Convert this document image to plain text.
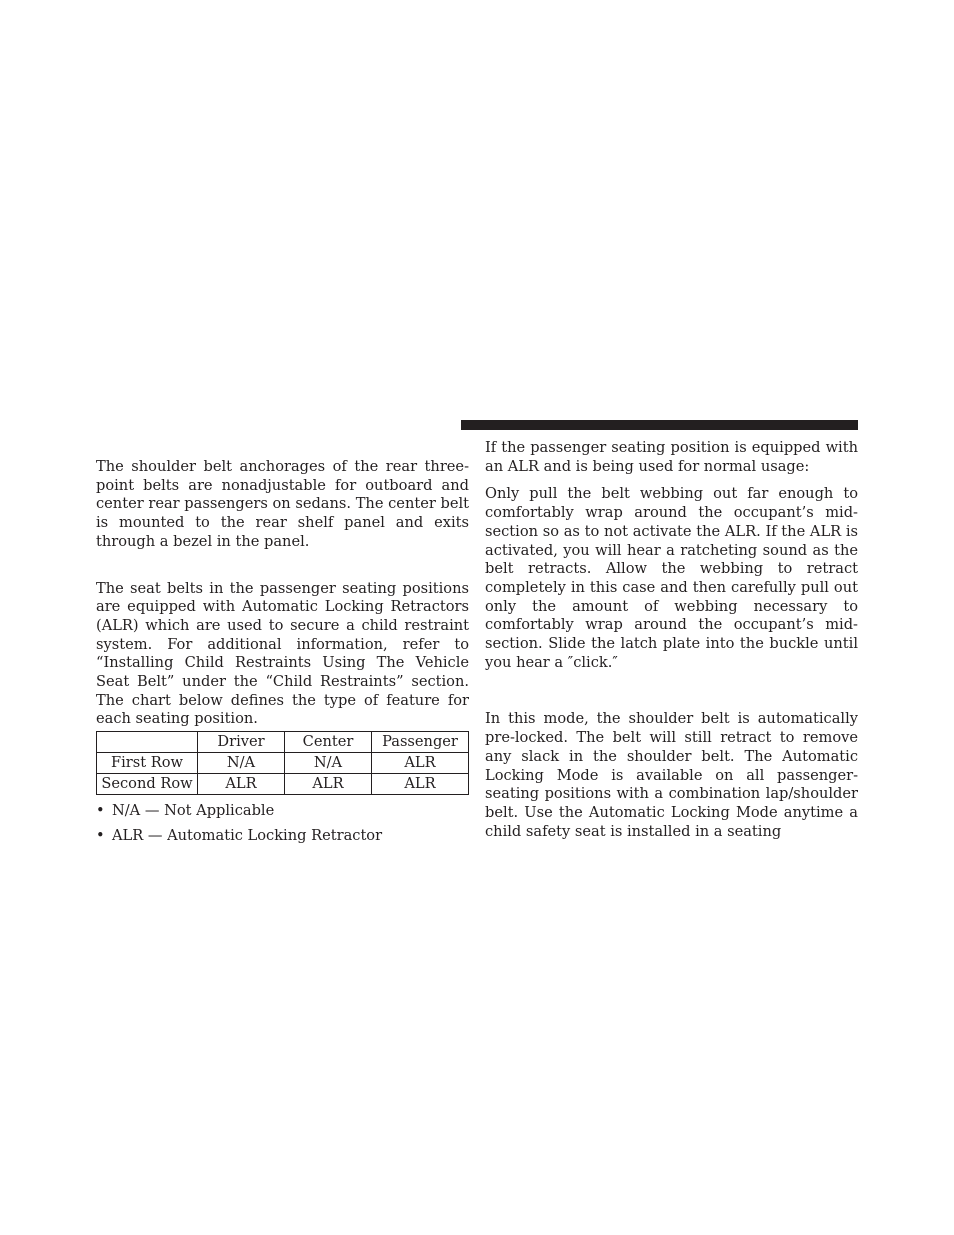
The shoulder belt anchorages of the rear three-point belts are nonadjustable for outboard and center rear passengers on sedans. The center belt is mounted to the rear shelf panel and exits through a bezel in the panel.

The seat belts in the passenger seating positions are equipped with Automatic Locking Retractors (ALR) which are used to secure a child restraint system. For additional information, refer to “Installing Child Restraints Using The Vehicle Seat Belt” under the “Child Restraints” section. The chart below defines the type of feature for each seating position.

	Driver	Center	Passenger
First Row	N/A	N/A	ALR
Second Row	ALR	ALR	ALR
• N/A — Not Applicable
• ALR — Automatic Locking Retractor

If the passenger seating position is equipped with an ALR and is being used for normal usage:

Only pull the belt webbing out far enough to comfortably wrap around the occupant’s mid-section so as to not activate the ALR. If the ALR is activated, you will hear a ratcheting sound as the belt retracts. Allow the webbing to retract completely in this case and then carefully pull out only the amount of webbing necessary to comfortably wrap around the occupant’s mid-section. Slide the latch plate into the buckle until you hear a ″click.″

In this mode, the shoulder belt is automatically pre-locked. The belt will still retract to remove any slack in the shoulder belt. The Automatic Locking Mode is available on all passenger-seating positions with a combination lap/shoulder belt. Use the Automatic Locking Mode anytime a child safety seat is installed in a seating
